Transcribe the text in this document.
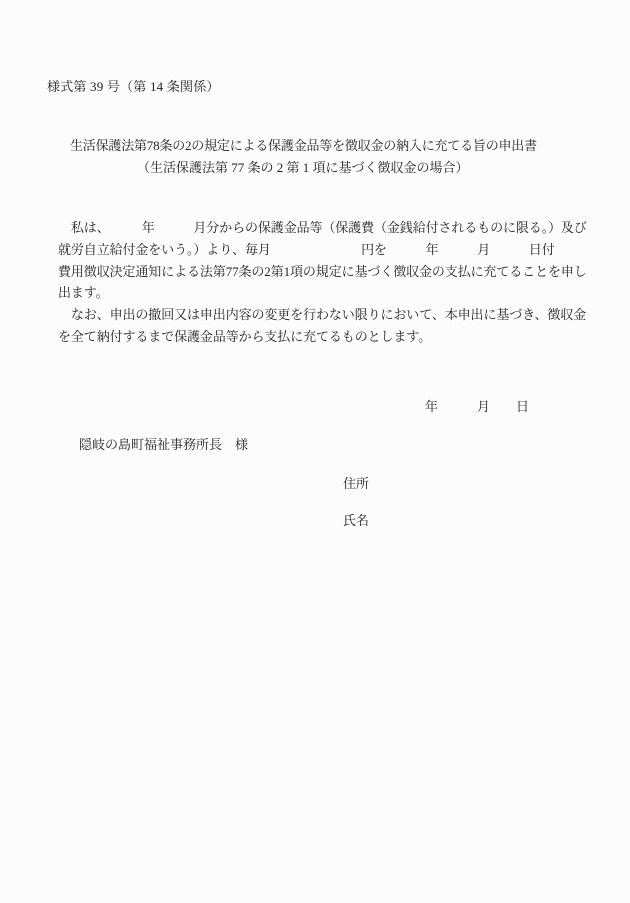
様式第 39 号（第 14 条関係）
生活保護法第78条の2の規定による保護金品等を徴収金の納入に充てる旨の申出書
（生活保護法第 77 条の 2 第 1 項に基づく徴収金の場合）
　私は、　　　年　　　月分からの保護金品等（保護費（金銭給付されるものに限る。）及び
就労自立給付金をいう。）より、毎月　　　　　　　円を　　　年　　　月　　　日付
費用徴収決定通知による法第77条の2第1項の規定に基づく徴収金の支払に充てることを申し
出ます。
　なお、申出の撤回又は申出内容の変更を行わない限りにおいて、本申出に基づき、徴収金
を全て納付するまで保護金品等から支払に充てるものとします。
年　　　月　　日
隠岐の島町福祉事務所長　様
住所
氏名
